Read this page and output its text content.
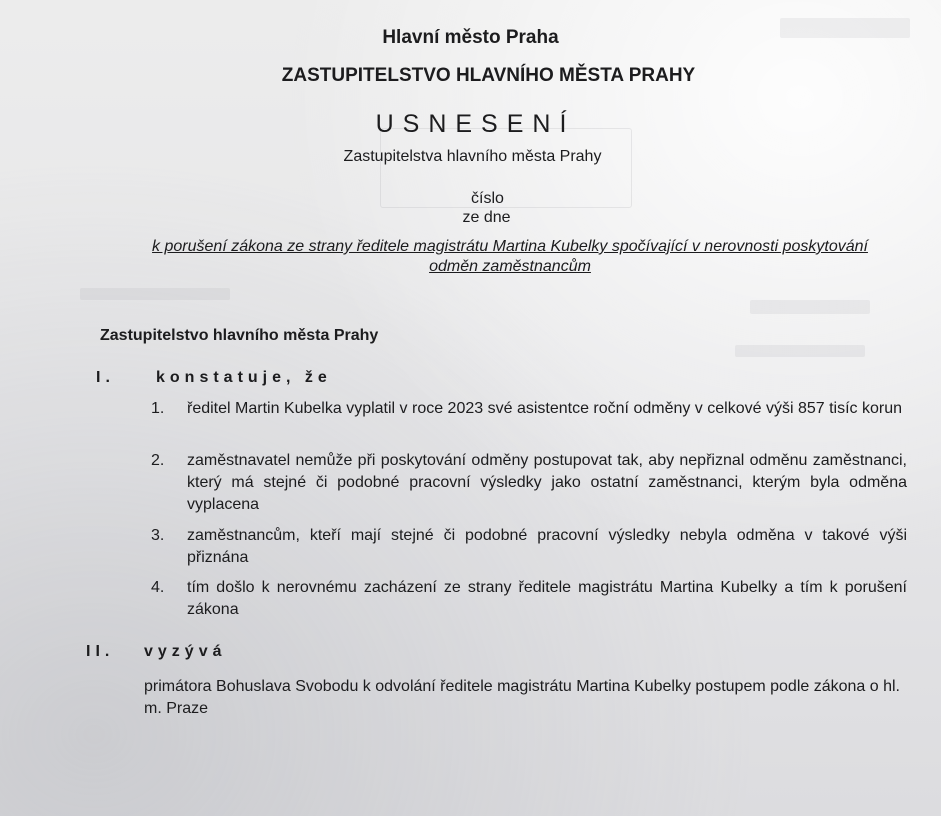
Hlavní město Praha
ZASTUPITELSTVO HLAVNÍHO MĚSTA PRAHY
USNESENÍ
Zastupitelstva hlavního města Prahy
číslo
ze dne
k porušení zákona ze strany ředitele magistrátu Martina Kubelky spočívající v nerovnosti poskytování odměn zaměstnancům
Zastupitelstvo hlavního města Prahy
I.	konstatuje, že
1. ředitel Martin Kubelka vyplatil v roce 2023 své asistentce roční odměny v celkové výši 857 tisíc korun
2. zaměstnavatel nemůže při poskytování odměny postupovat tak, aby nepřiznal odměnu zaměstnanci, který má stejné či podobné pracovní výsledky jako ostatní zaměstnanci, kterým byla odměna vyplacena
3. zaměstnancům, kteří mají stejné či podobné pracovní výsledky nebyla odměna v takové výši přiznána
4. tím došlo k nerovnému zacházení ze strany ředitele magistrátu Martina Kubelky a tím k porušení zákona
II. vyzývá
primátora Bohuslava Svobodu k odvolání ředitele magistrátu Martina Kubelky postupem podle zákona o hl. m. Praze
